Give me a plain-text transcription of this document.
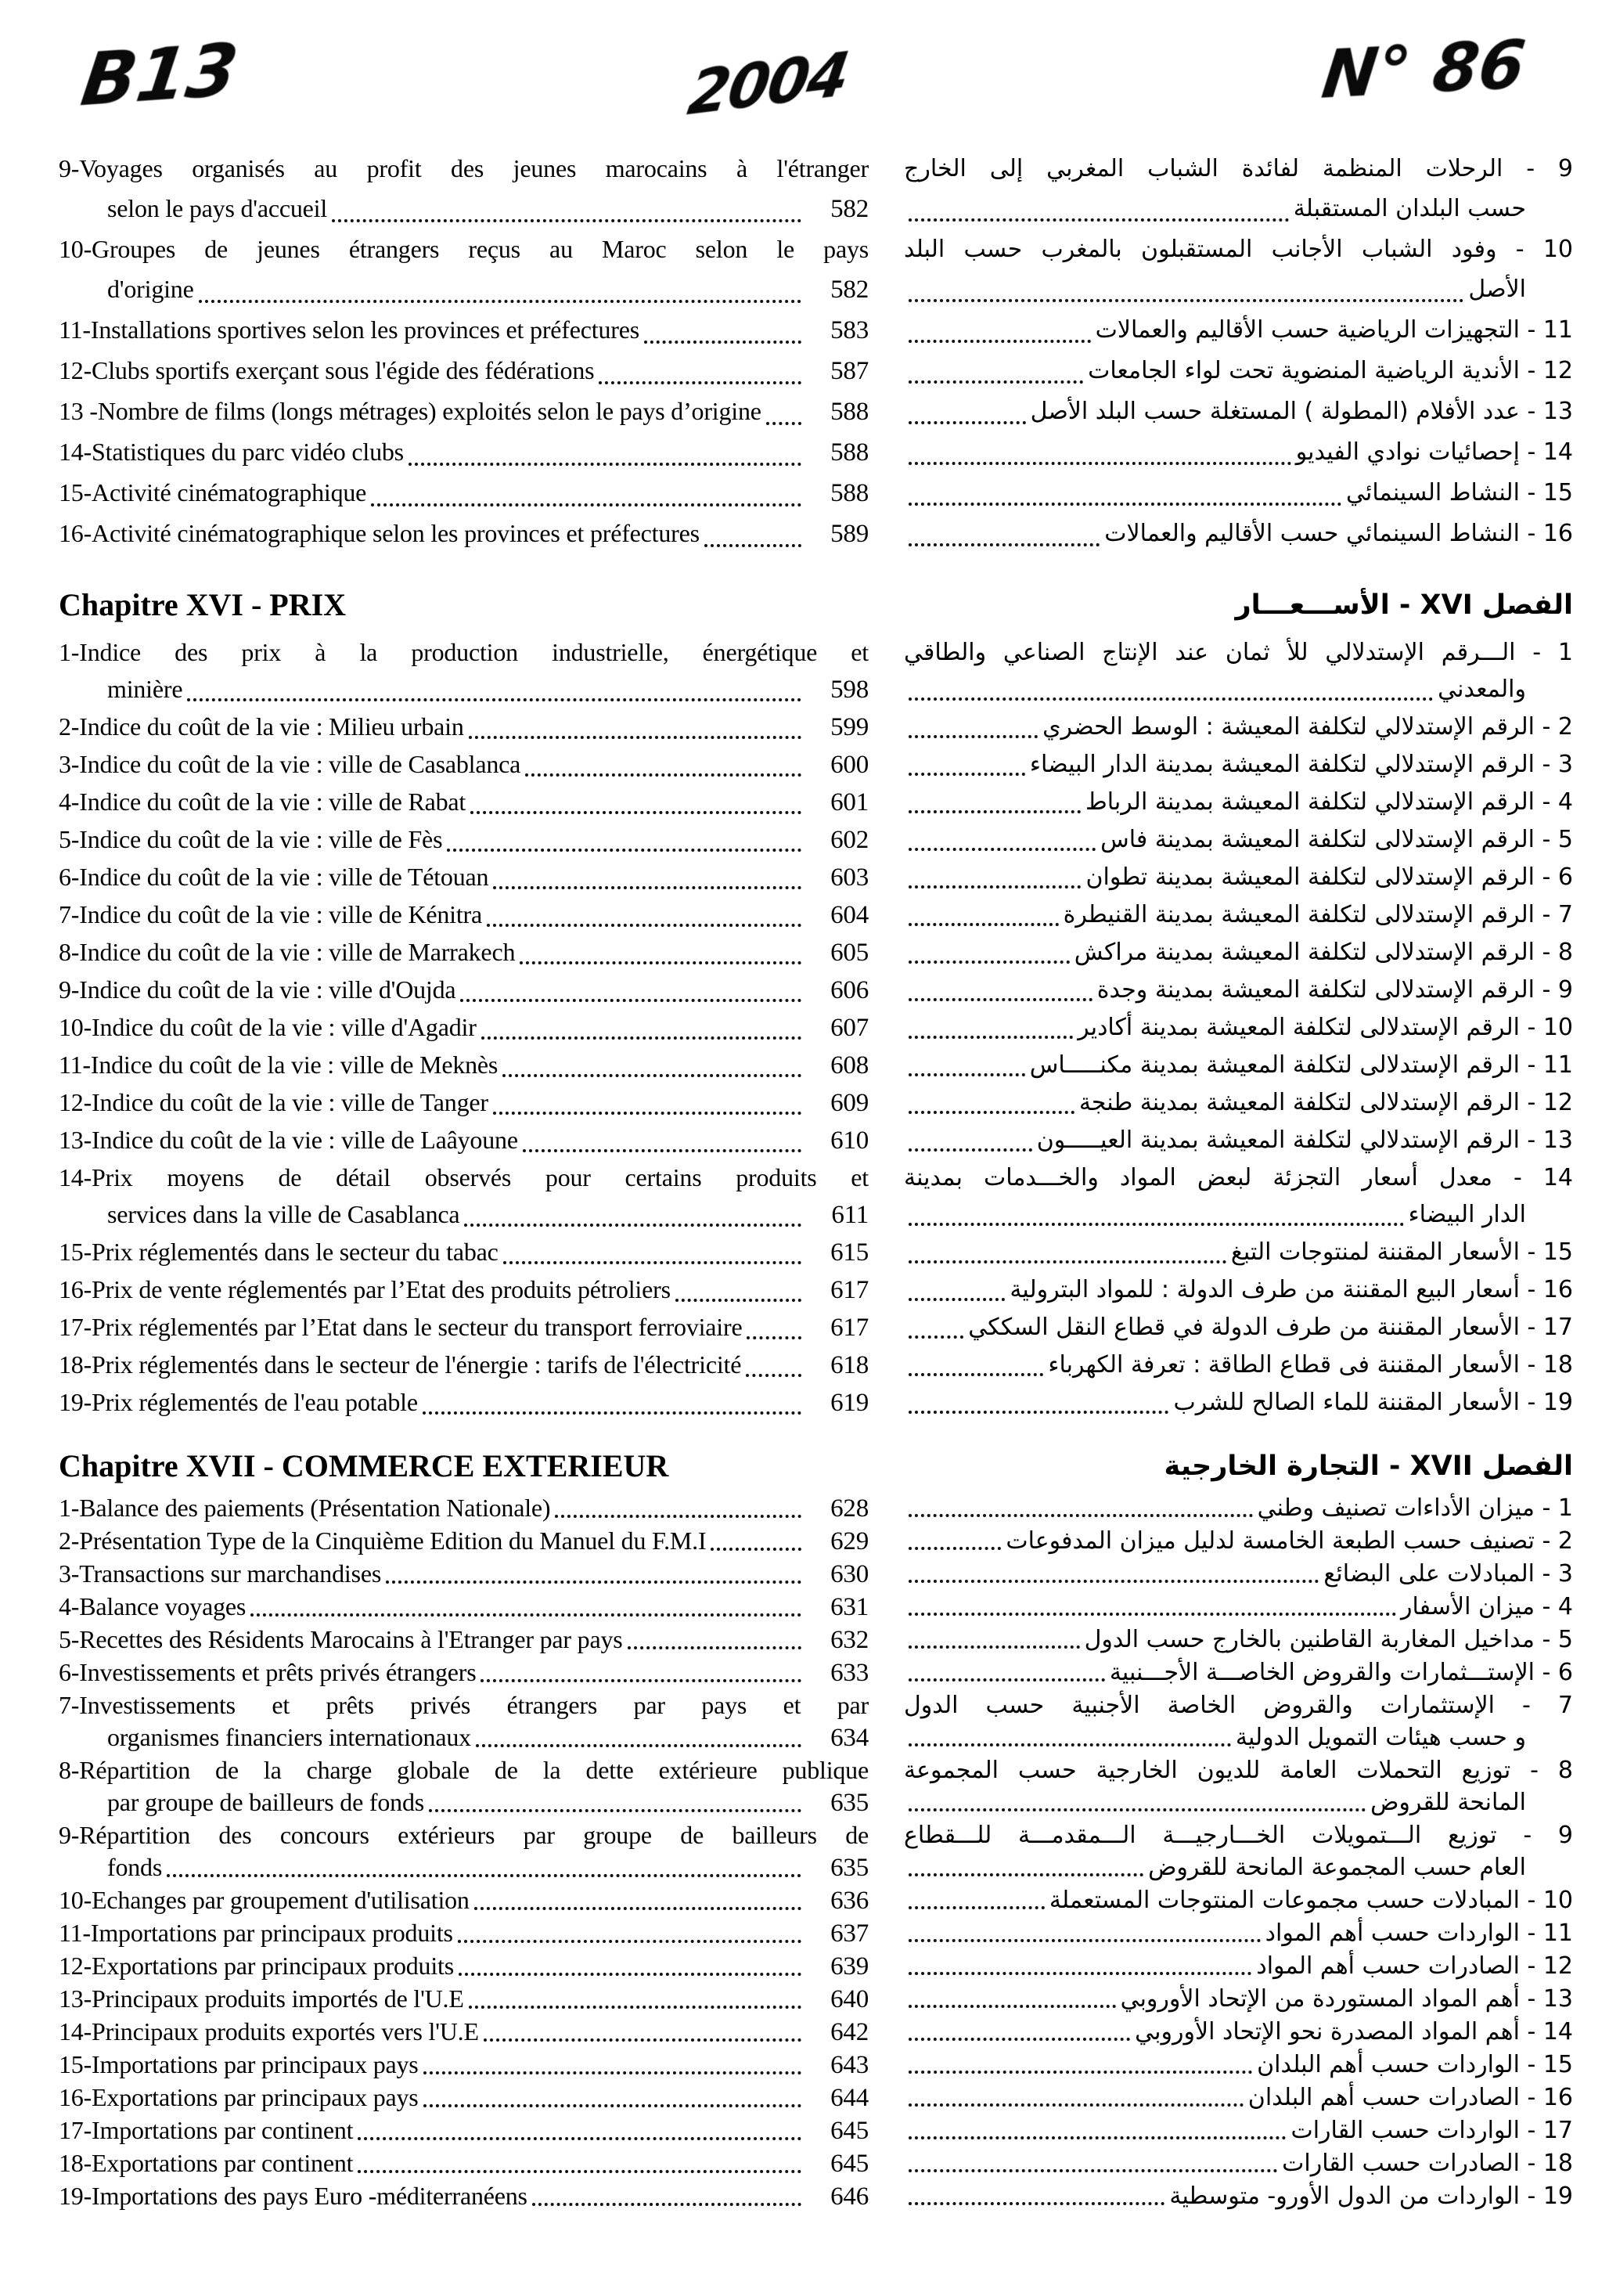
B13	2004	N° 86
9-Voyages organisés au profit des jeunes marocains à l'étranger
selon le pays d'accueil	582
9 - الرحلات المنظمة لفائدة الشباب المغربي إلى الخارج
حسب البلدان المستقبلة
10-Groupes de jeunes étrangers reçus au Maroc selon le pays
d'origine	582
10 - وفود الشباب الأجانب المستقبلون بالمغرب حسب البلد
الأصل
11-Installations sportives selon les provinces et préfectures	583	11 - التجهيزات الرياضية حسب الأقاليم والعمالات
12-Clubs sportifs exerçant sous l'égide des fédérations	587	12 - الأندية الرياضية المنضوية تحت لواء الجامعات
13 -Nombre de films (longs métrages) exploités selon le pays d’origine	588	13 - عدد الأفلام (المطولة ) المستغلة حسب البلد الأصل
14-Statistiques du parc vidéo clubs	588	14 - إحصائيات نوادي الفيديو
15-Activité cinématographique	588	15 - النشاط السينمائي
16-Activité cinématographique selon les provinces et préfectures	589	16 - النشاط السينمائي حسب الأقاليم والعمالات
Chapitre XVI - PRIX	الفصل XVI - الأســـعـــار
1-Indice des prix à la production industrielle, énergétique et
minière	598
1 - الـــرقم الإستدلالي للأ ثمان عند الإنتاج الصناعي والطاقي
والمعدني
2-Indice du coût de la vie : Milieu urbain	599	2 - الرقم الإستدلالي لتكلفة المعيشة : الوسط الحضري
3-Indice du coût de la vie : ville de Casablanca	600	3 - الرقم الإستدلالي لتكلفة المعيشة بمدينة الدار البيضاء
4-Indice du coût de la vie : ville de Rabat	601	4 - الرقم الإستدلالي لتكلفة المعيشة بمدينة الرباط
5-Indice du coût de la vie : ville de Fès	602	5 - الرقم الإستدلالى لتكلفة المعيشة بمدينة فاس
6-Indice du coût de la vie : ville de Tétouan	603	6 - الرقم الإستدلالى لتكلفة المعيشة بمدينة تطوان
7-Indice du coût de la vie : ville de Kénitra	604	7 - الرقم الإستدلالى لتكلفة المعيشة بمدينة القنيطرة
8-Indice du coût de la vie : ville de Marrakech	605	8 - الرقم الإستدلالى لتكلفة المعيشة بمدينة مراكش
9-Indice du coût de la vie : ville d'Oujda	606	9 - الرقم الإستدلالى لتكلفة المعيشة بمدينة وجدة
10-Indice du coût de la vie : ville d'Agadir	607	10 - الرقم الإستدلالى لتكلفة المعيشة بمدينة أكادير
11-Indice du coût de la vie : ville de Meknès	608	11 - الرقم الإستدلالى لتكلفة المعيشة بمدينة مكنـــــاس
12-Indice du coût de la vie : ville de Tanger	609	12 - الرقم الإستدلالى لتكلفة المعيشة بمدينة طنجة
13-Indice du coût de la vie : ville de Laâyoune	610	13 - الرقم الإستدلالي لتكلفة المعيشة بمدينة العيـــــون
14-Prix moyens de détail observés pour certains produits et
services dans la ville de Casablanca	611
14 - معدل أسعار التجزئة لبعض المواد والخـــدمات بمدينة
الدار البيضاء
15-Prix réglementés dans le secteur du tabac	615	15 - الأسعار المقننة لمنتوجات التبغ
16-Prix de vente réglementés par l’Etat des produits pétroliers	617	16 - أسعار البيع المقننة من طرف الدولة : للمواد البترولية
17-Prix réglementés par l’Etat dans le secteur du transport ferroviaire	617	17 - الأسعار المقننة من طرف الدولة في قطاع النقل السككي
18-Prix réglementés dans le secteur de l'énergie : tarifs de l'électricité	618	18 - الأسعار المقننة فى قطاع الطاقة : تعرفة الكهرباء
19-Prix réglementés de l'eau potable	619	19 - الأسعار المقننة للماء الصالح للشرب
Chapitre XVII - COMMERCE EXTERIEUR	الفصل XVII - التجارة الخارجية
1-Balance des paiements (Présentation Nationale)	628	1 - ميزان الأداءات تصنيف وطني
2-Présentation Type de la Cinquième Edition du Manuel du F.M.I	629	2 - تصنيف حسب الطبعة الخامسة لدليل ميزان المدفوعات
3-Transactions sur marchandises	630	3 - المبادلات على البضائع
4-Balance voyages	631	4 - ميزان الأسفار
5-Recettes des Résidents Marocains à l'Etranger par pays	632	5 - مداخيل المغاربة القاطنين بالخارج حسب الدول
6-Investissements et prêts privés étrangers	633	6 - الإستـــثمارات والقروض الخاصـــة الأجـــنبية
7-Investissements et prêts privés étrangers par pays et par
organismes financiers internationaux	634
7 - الإستثمارات والقروض الخاصة الأجنبية حسب الدول
و حسب هيئات التمويل الدولية
8-Répartition de la charge globale de la dette extérieure publique
par groupe de bailleurs de fonds	635
8 - توزيع التحملات العامة للديون الخارجية حسب المجموعة
المانحة للقروض
9-Répartition des concours extérieurs par groupe de bailleurs de
fonds	635
9 - توزيع الـــتمويلات الخـــارجيـــة الـــمقدمـــة للـــقطاع
العام حسب المجموعة المانحة للقروض
10-Echanges par groupement d'utilisation	636	10 - المبادلات حسب مجموعات المنتوجات المستعملة
11-Importations par principaux produits	637	11 - الواردات حسب أهم المواد
12-Exportations par principaux produits	639	12 - الصادرات حسب أهم المواد
13-Principaux produits importés de l'U.E	640	13 - أهم المواد المستوردة من الإتحاد الأوروبي
14-Principaux produits exportés vers l'U.E	642	14 - أهم المواد المصدرة نحو الإتحاد الأوروبي
15-Importations par principaux pays	643	15 - الواردات حسب أهم البلدان
16-Exportations par principaux pays	644	16 - الصادرات حسب أهم البلدان
17-Importations par continent	645	17 - الواردات حسب القارات
18-Exportations par continent	645	18 - الصادرات حسب القارات
19-Importations des pays Euro -méditerranéens	646	19 - الواردات من الدول الأورو- متوسطية
